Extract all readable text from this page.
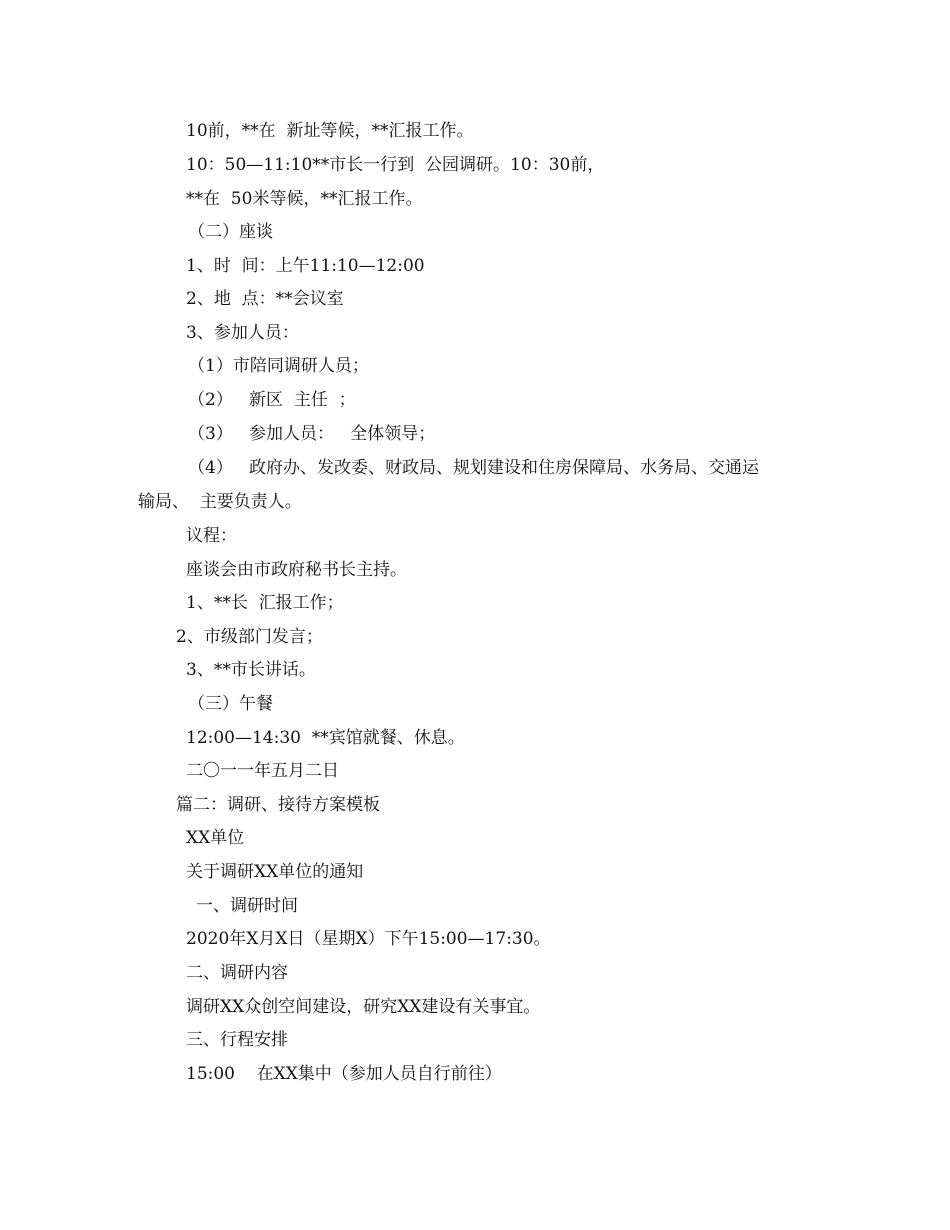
10前，**在  新址等候，**汇报工作。
10：50—11:10**市长一行到  公园调研。10：30前，
**在  50米等候，**汇报工作。
（二）座谈
1、时  间：上午11:10—12:00
2、地  点：**会议室
3、参加人员：
（1）市陪同调研人员；
（2）   新区  主任  ；
（3）   参加人员：   全体领导；
（4）   政府办、发改委、财政局、规划建设和住房保障局、水务局、交通运
输局、  主要负责人。
议程：
座谈会由市政府秘书长主持。
1、**长  汇报工作；
2、市级部门发言；
3、**市长讲话。
（三）午餐
12:00—14:30  **宾馆就餐、休息。
二〇一一年五月二日
篇二：调研、接待方案模板
XX单位
关于调研XX单位的通知
一、调研时间
2020年X月X日（星期X）下午15:00—17:30。
二、调研内容
调研XX众创空间建设，研究XX建设有关事宜。
三、行程安排
15:00    在XX集中（参加人员自行前往）
